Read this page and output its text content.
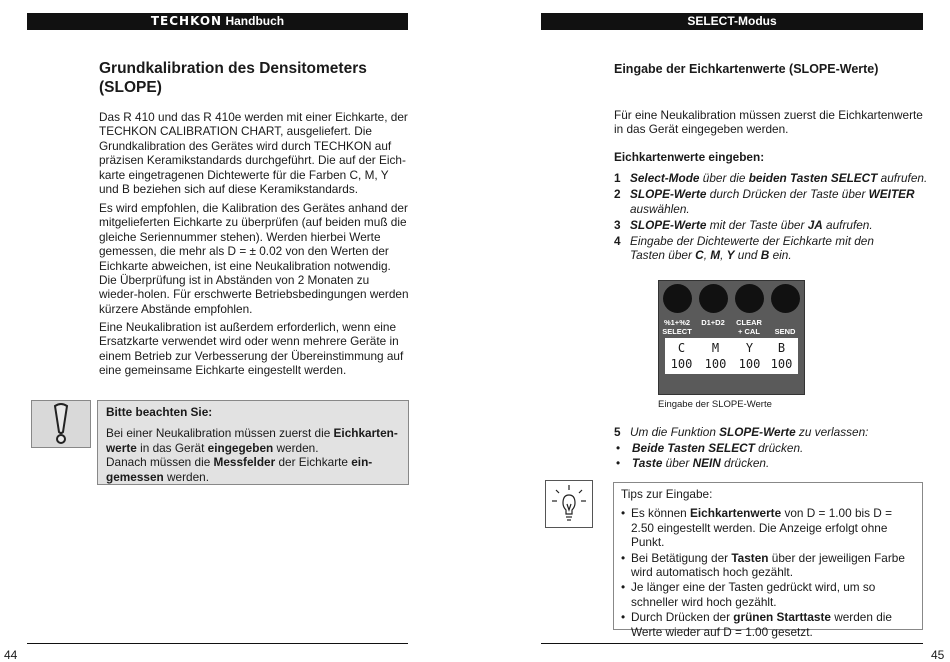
TECHKON Handbuch
Grundkalibration des Densitometers (SLOPE)

Das R 410 und das R 410e werden mit einer Eichkarte, der TECHKON CALIBRATION CHART, ausgeliefert. Die Grundkalibration des Gerätes wird durch TECHKON auf präzisen Keramikstandards durchgeführt. Die auf der Eich-karte eingetragenen Dichtewerte für die Farben C, M, Y und B beziehen sich auf diese Keramikstandards.

Es wird empfohlen, die Kalibration des Gerätes anhand der mitgelieferten Eichkarte zu überprüfen (auf beiden muß die gleiche Seriennummer stehen). Werden hierbei Werte gemessen, die mehr als D = ± 0.02 von den Werten der Eichkarte abweichen, ist eine Neukalibration notwendig. Die Überprüfung ist in Abständen von 2 Monaten zu wieder-holen. Für erschwerte Betriebsbedingungen werden kürzere Abstände empfohlen.

Eine Neukalibration ist außerdem erforderlich, wenn eine Ersatzkarte verwendet wird oder wenn mehrere Geräte in einem Betrieb zur Verbesserung der Übereinstimmung auf eine gemeinsame Eichkarte eingestellt werden.

Bitte beachten Sie:
Bei einer Neukalibration müssen zuerst die Eichkarten-werte in das Gerät eingegeben werden.
Danach müssen die Messfelder der Eichkarte ein-gemessen werden.
44
SELECT-Modus
Eingabe der Eichkartenwerte (SLOPE-Werte)

Für eine Neukalibration müssen zuerst die Eichkartenwerte in das Gerät eingegeben werden.

Eichkartenwerte eingeben:
1 Select-Mode über die beiden Tasten SELECT aufrufen.
2 SLOPE-Werte durch Drücken der Taste über WEITER
auswählen.
3 SLOPE-Werte mit der Taste über JA aufrufen.
4 Eingabe der Dichtewerte der Eichkarte mit den Tasten über C, M, Y und B ein.
%1+%2
SELECT
D1+D2	CLEAR
+ CAL	SEND
C	M	Y	B
100	100	100 100
Eingabe der SLOPE-Werte
5 Um die Funktion SLOPE-Werte zu verlassen:
• Beide Tasten SELECT drücken.
• Taste über NEIN drücken.
Tips zur Eingabe:
• Es können Eichkartenwerte von D = 1.00 bis D = 2.50 eingestellt werden. Die Anzeige erfolgt ohne Punkt.
• Bei Betätigung der Tasten über der jeweiligen Farbe wird automatisch hoch gezählt.
• Je länger eine der Tasten gedrückt wird, um so schneller wird hoch gezählt.
• Durch Drücken der grünen Starttaste werden die Werte wieder auf D = 1.00 gesetzt.
45
